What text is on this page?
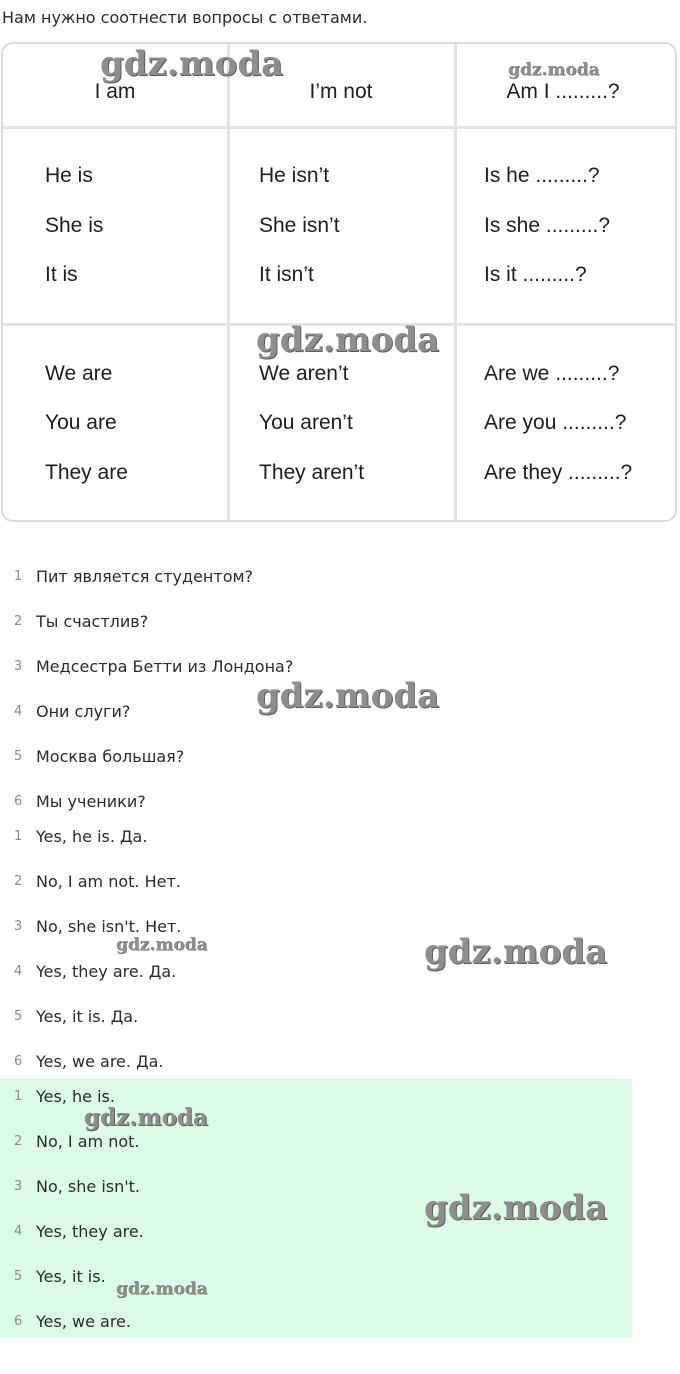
Нам нужно соотнести вопросы с ответами.
I am	I’m not	Am I .........?
He is	He isn’t	Is he .........?
She is	She isn’t	Is she .........?
It is	It isn’t	Is it .........?
We are	We aren’t	Are we .........?
You are	You aren’t	Are you .........?
They are	They aren’t	Are they .........?
1 Пит является студентом?
2 Ты счастлив?
3 Медсестра Бетти из Лондона?
4 Они слуги?
5 Москва большая?
6 Мы ученики?
1 Yes, he is. Да.
2 No, I am not. Нет.
3 No, she isn't. Нет.
4 Yes, they are. Да.
5 Yes, it is. Да.
6 Yes, we are. Да.
1 Yes, he is.
2 No, I am not.
3 No, she isn't.
4 Yes, they are.
5 Yes, it is.
6 Yes, we are.
gdz.moda	gdz.moda
gdz.moda
gdz.moda
gdz.moda	gdz.moda
gdz.moda
gdz.moda
gdz.moda
